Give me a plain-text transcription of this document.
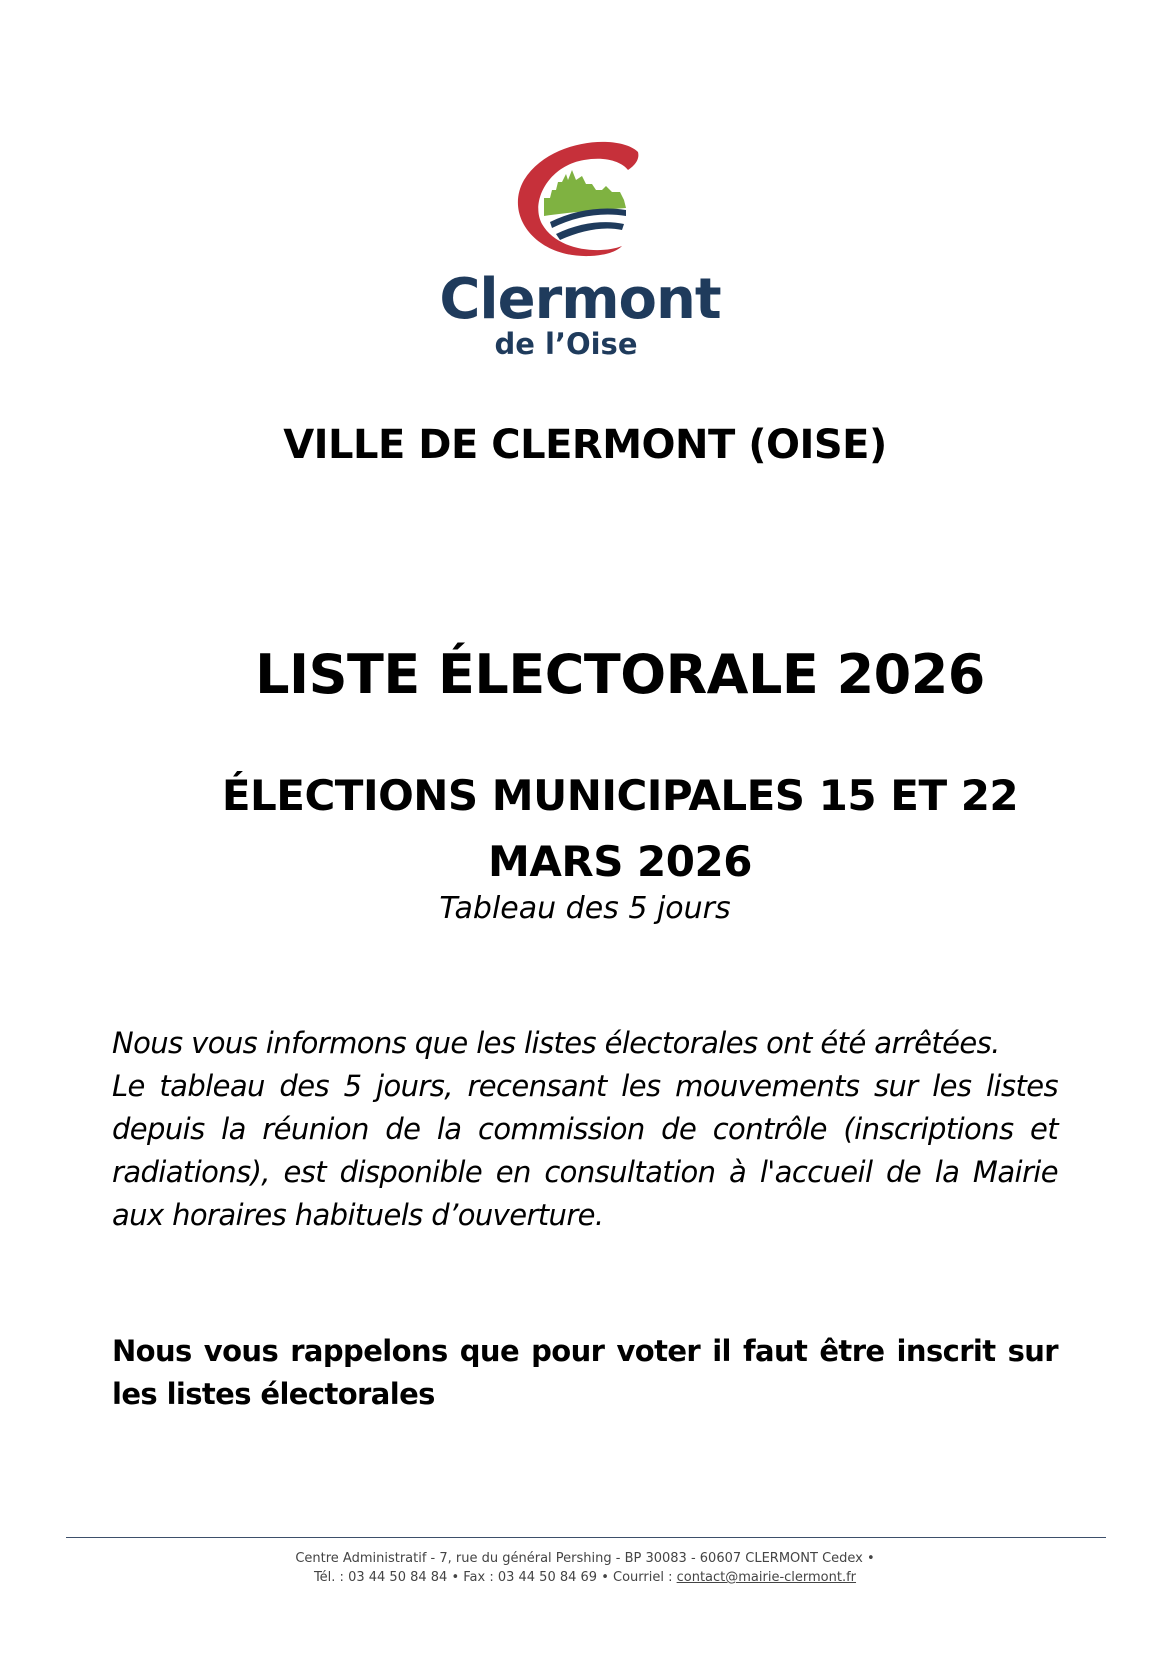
Clermont
de l’Oise
VILLE DE CLERMONT (OISE)
LISTE ÉLECTORALE 2026
ÉLECTIONS MUNICIPALES 15 ET 22 MARS 2026
Tableau des 5 jours
Nous vous informons que les listes électorales ont été arrêtées.
Le tableau des 5 jours, recensant les mouvements sur les listes depuis la réunion de la commission de contrôle (inscriptions et radiations), est disponible en consultation à l'accueil de la Mairie aux horaires habituels d’ouverture.
Nous vous rappelons que pour voter il faut être inscrit sur les listes électorales
Centre Administratif - 7, rue du général Pershing - BP 30083 - 60607 CLERMONT Cedex •
Tél. : 03 44 50 84 84 • Fax : 03 44 50 84 69 • Courriel : contact@mairie-clermont.fr
